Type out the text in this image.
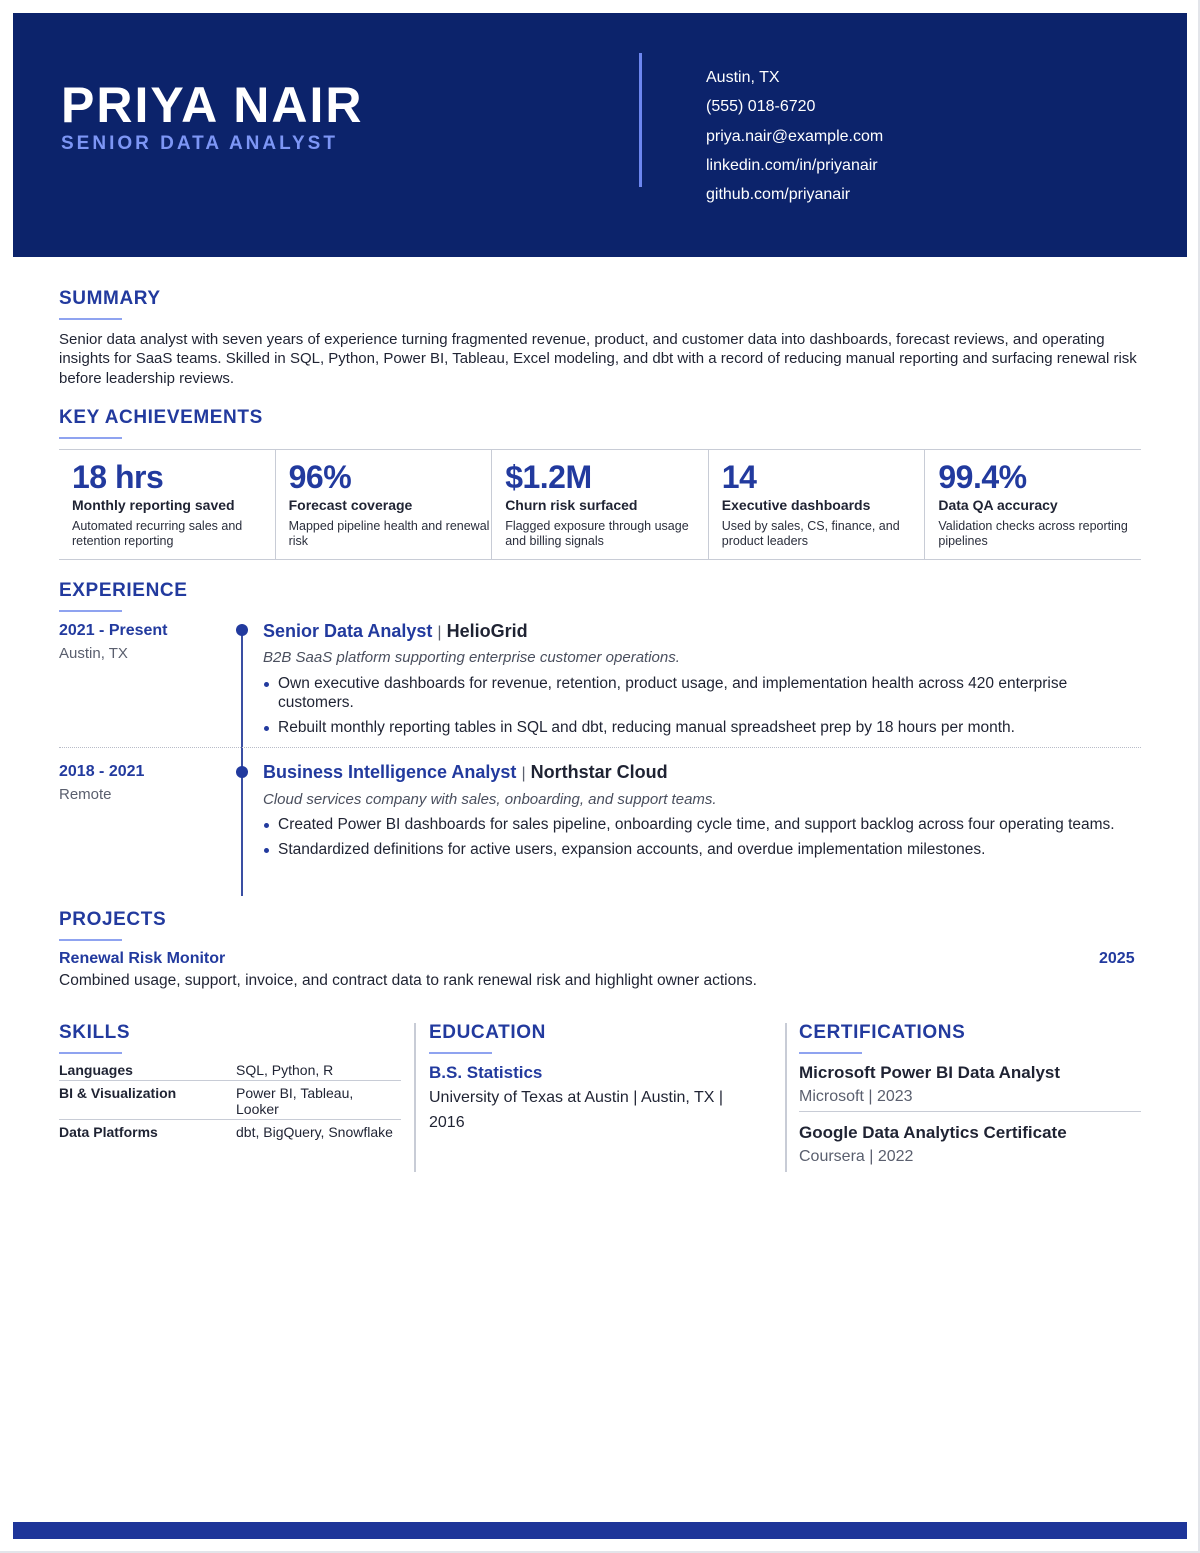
PRIYA NAIR
SENIOR DATA ANALYST
Austin, TX
(555) 018-6720
priya.nair@example.com
linkedin.com/in/priyanair
github.com/priyanair
SUMMARY
Senior data analyst with seven years of experience turning fragmented revenue, product, and customer data into dashboards, forecast reviews, and operating insights for SaaS teams. Skilled in SQL, Python, Power BI, Tableau, Excel modeling, and dbt with a record of reducing manual reporting and surfacing renewal risk before leadership reviews.
KEY ACHIEVEMENTS
18 hrs
Monthly reporting saved
Automated recurring sales and retention reporting
96%
Forecast coverage
Mapped pipeline health and renewal risk
$1.2M
Churn risk surfaced
Flagged exposure through usage and billing signals
14
Executive dashboards
Used by sales, CS, finance, and product leaders
99.4%
Data QA accuracy
Validation checks across reporting pipelines
EXPERIENCE
2021 - Present
Austin, TX
Senior Data Analyst | HelioGrid
B2B SaaS platform supporting enterprise customer operations.
Own executive dashboards for revenue, retention, product usage, and implementation health across 420 enterprise customers.
Rebuilt monthly reporting tables in SQL and dbt, reducing manual spreadsheet prep by 18 hours per month.
2018 - 2021
Remote
Business Intelligence Analyst | Northstar Cloud
Cloud services company with sales, onboarding, and support teams.
Created Power BI dashboards for sales pipeline, onboarding cycle time, and support backlog across four operating teams.
Standardized definitions for active users, expansion accounts, and overdue implementation milestones.
PROJECTS
Renewal Risk Monitor	2025
Combined usage, support, invoice, and contract data to rank renewal risk and highlight owner actions.
SKILLS
Languages	SQL, Python, R
BI & Visualization	Power BI, Tableau, Looker
Data Platforms	dbt, BigQuery, Snowflake
EDUCATION
B.S. Statistics
University of Texas at Austin | Austin, TX | 2016
CERTIFICATIONS
Microsoft Power BI Data Analyst
Microsoft | 2023
Google Data Analytics Certificate
Coursera | 2022
